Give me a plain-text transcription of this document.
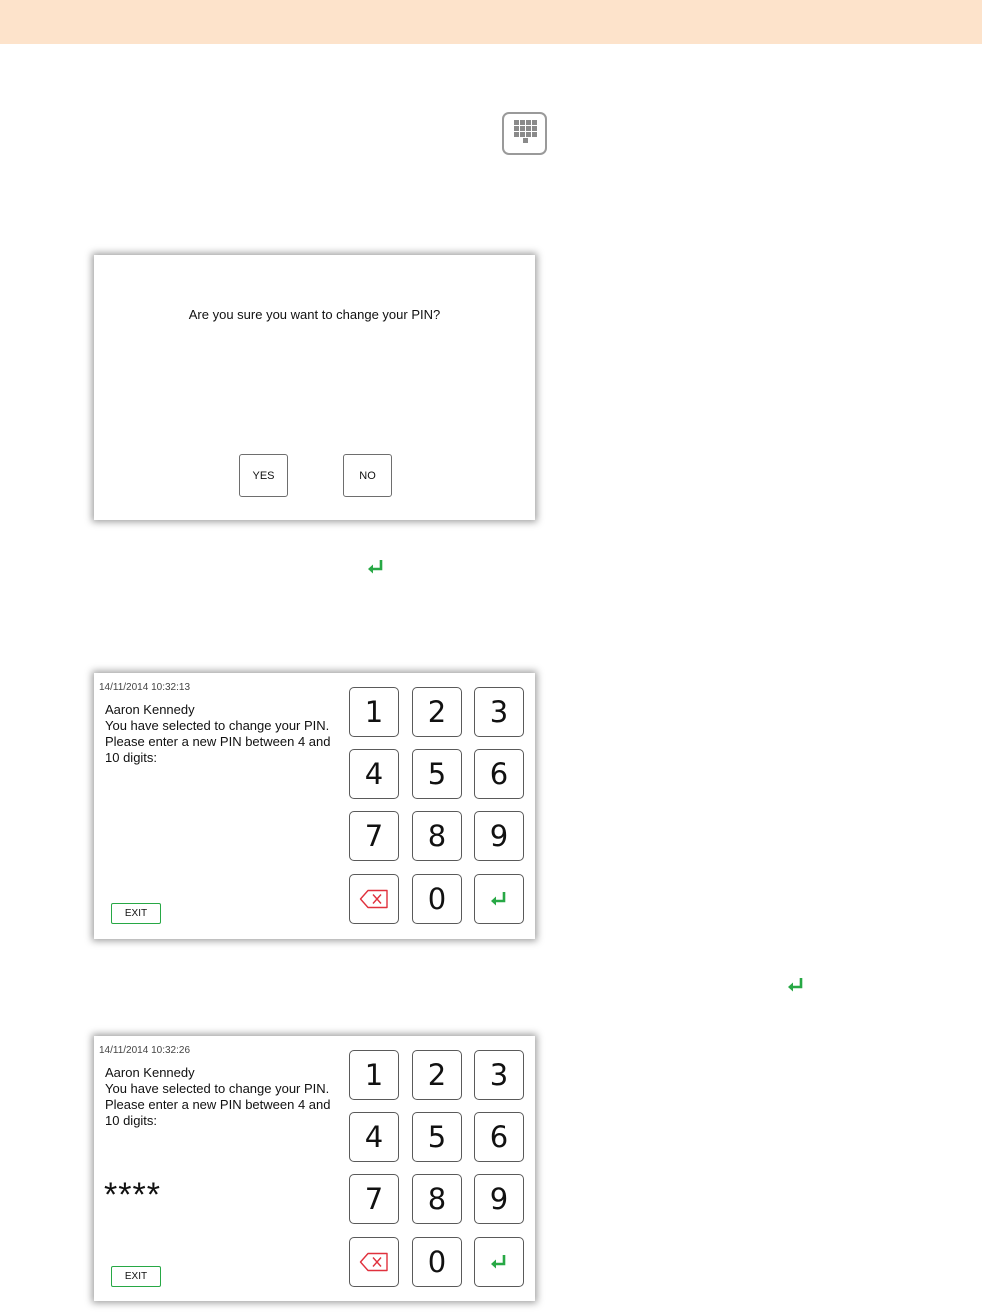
Are you sure you want to change your PIN?
YES	NO
14/11/2014 10:32:13
Aaron Kennedy
You have selected to change your PIN.
Please enter a new PIN between 4 and
10 digits:
EXIT
1	2	3
4	5	6
7	8	9
0
14/11/2014 10:32:26
Aaron Kennedy
You have selected to change your PIN.
Please enter a new PIN between 4 and
10 digits:
****
EXIT
1	2	3
4	5	6
7	8	9
0
